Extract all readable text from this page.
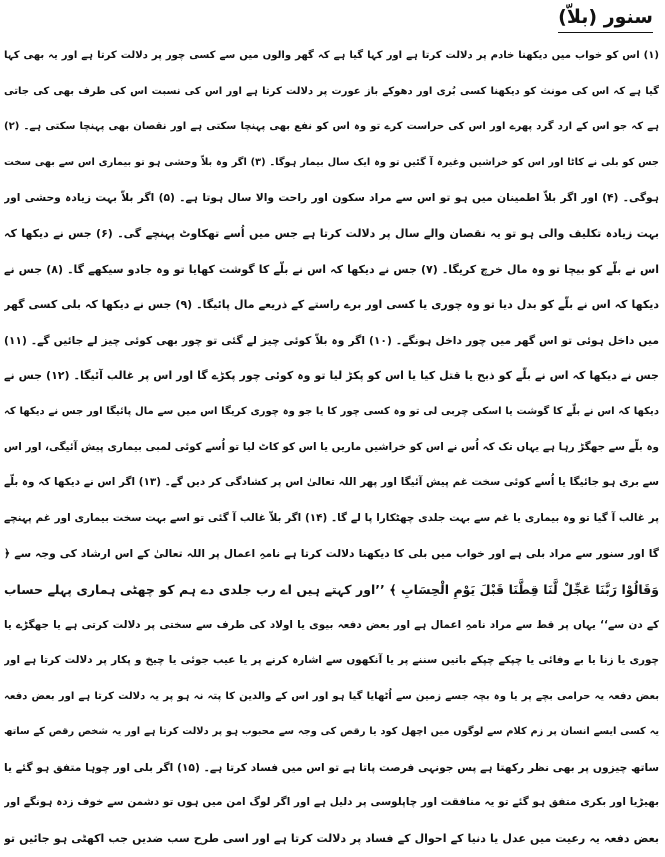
سنور (بلاّ)
(۱) اس کو خواب میں دیکھنا خادم پر دلالت کرتا ہے اور کہا گیا ہے کہ گھر والوں میں سے کسی چور پر دلالت کرتا ہے اور یہ بھی کہا
گیا ہے کہ اس کی مونث کو دیکھنا کسی بُری اور دھوکے باز عورت پر دلالت کرتا ہے اور اس کی نسبت اس کی طرف بھی کی جاتی
ہے کہ جو اس کے ارد گرد پھرے اور اس کی حراست کرے تو وہ اس کو نفع بھی پہنچا سکتی ہے اور نقصان بھی پہنچا سکتی ہے۔ (۲)
جس کو بلی نے کاٹا اور اس کو خراشیں وغیرہ آ گئیں تو وہ ایک سال بیمار ہوگا۔ (۳) اگر وہ بلاّ وحشی ہو تو بیماری اس سے بھی سخت
ہوگی۔ (۴) اور اگر بلاّ اطمینان میں ہو تو اس سے مراد سکون اور راحت والا سال ہوتا ہے۔ (۵) اگر بلاّ بہت زیادہ وحشی اور
بہت زیادہ تکلیف والی ہو تو یہ نقصان والے سال پر دلالت کرتا ہے جس میں اُسے تھکاوٹ پہنچے گی۔ (۶) جس نے دیکھا کہ
اس نے بلّے کو بیچا تو وہ مال خرچ کریگا۔ (۷) جس نے دیکھا کہ اس نے بلّے کا گوشت کھایا تو وہ جادو سیکھے گا۔ (۸) جس نے
دیکھا کہ اس نے بلّے کو بدل دیا تو وہ چوری یا کسی اور برے راستے کے ذریعے مال پائیگا۔ (۹) جس نے دیکھا کہ بلی کسی گھر
میں داخل ہوئی تو اس گھر میں چور داخل ہونگے۔ (۱۰) اگر وہ بلاّ کوئی چیز لے گئی تو چور بھی کوئی چیز لے جائیں گے۔ (۱۱)
جس نے دیکھا کہ اس نے بلّے کو ذبح یا قتل کیا یا اس کو پکڑ لیا تو وہ کوئی چور پکڑے گا اور اس پر غالب آئیگا۔ (۱۲) جس نے
دیکھا کہ اس نے بلّے کا گوشت یا اسکی چربی لی تو وہ کسی چور کا یا جو وہ چوری کریگا اس میں سے مال پائیگا اور جس نے دیکھا کہ
وہ بلّے سے جھگڑ رہا ہے یہاں تک کہ اُس نے اس کو خراشیں ماریں یا اس کو کاٹ لیا تو اُسے کوئی لمبی بیماری پیش آئیگی، اور اس
سے بری ہو جائیگا یا اُسے کوئی سخت غم پیش آئیگا اور پھر اللہ تعالیٰ اس پر کشادگی کر دیں گے۔ (۱۳) اگر اس نے دیکھا کہ وہ بلّے
پر غالب آ گیا تو وہ بیماری یا غم سے بہت جلدی چھٹکارا پا لے گا۔ (۱۴) اگر بلاّ غالب آ گئی تو اسے بہت سخت بیماری اور غم پہنچے
گا اور سنور سے مراد بلی ہے اور خواب میں بلی کا دیکھنا دلالت کرتا ہے نامہِ اعمال پر اللہ تعالیٰ کے اس ارشاد کی وجہ سے ﴿
وَقَالُوْا رَبَّنَا عَجِّلْ لَّنَا قِطَّنَا قَبْلَ يَوْمِ الْحِسَابِ ﴾ ’’اور کہتے ہیں اے رب جلدی دے ہم کو چھٹی ہماری پہلے حساب
کے دن سے‘‘ یہاں پر قط سے مراد نامہِ اعمال ہے اور بعض دفعہ بیوی یا اولاد کی طرف سے سختی پر دلالت کرتی ہے یا جھگڑے یا
چوری یا زنا یا بے وفائی یا چپکے چپکے باتیں سننے پر یا آنکھوں سے اشارہ کرنے پر یا عیب جوئی یا چیخ و پکار پر دلالت کرتا ہے اور
بعض دفعہ یہ حرامی بچے پر یا وہ بچہ جسے زمین سے اُٹھایا گیا ہو اور اس کے والدین کا پتہ نہ ہو پر یہ دلالت کرتا ہے اور بعض دفعہ
یہ کسی ایسے انسان پر زم کلام سے لوگوں میں اچھل کود یا رقص کی وجہ سے محبوب ہو پر دلالت کرتا ہے اور یہ شخص رقص کے ساتھ
ساتھ چیزوں پر بھی نظر رکھتا ہے پس جونہی فرصت پاتا ہے تو اس میں فساد کرتا ہے۔ (۱۵) اگر بلی اور چوہا متفق ہو گئے یا
بھیڑیا اور بکری متفق ہو گئے تو یہ منافقت اور چاپلوسی پر دلیل ہے اور اگر لوگ امن میں ہوں تو دشمن سے خوف زدہ ہونگے اور
بعض دفعہ یہ رعیت میں عدل یا دنیا کے احوال کے فساد پر دلالت کرتا ہے اور اسی طرح سب ضدیں جب اکھٹی ہو جائیں تو
